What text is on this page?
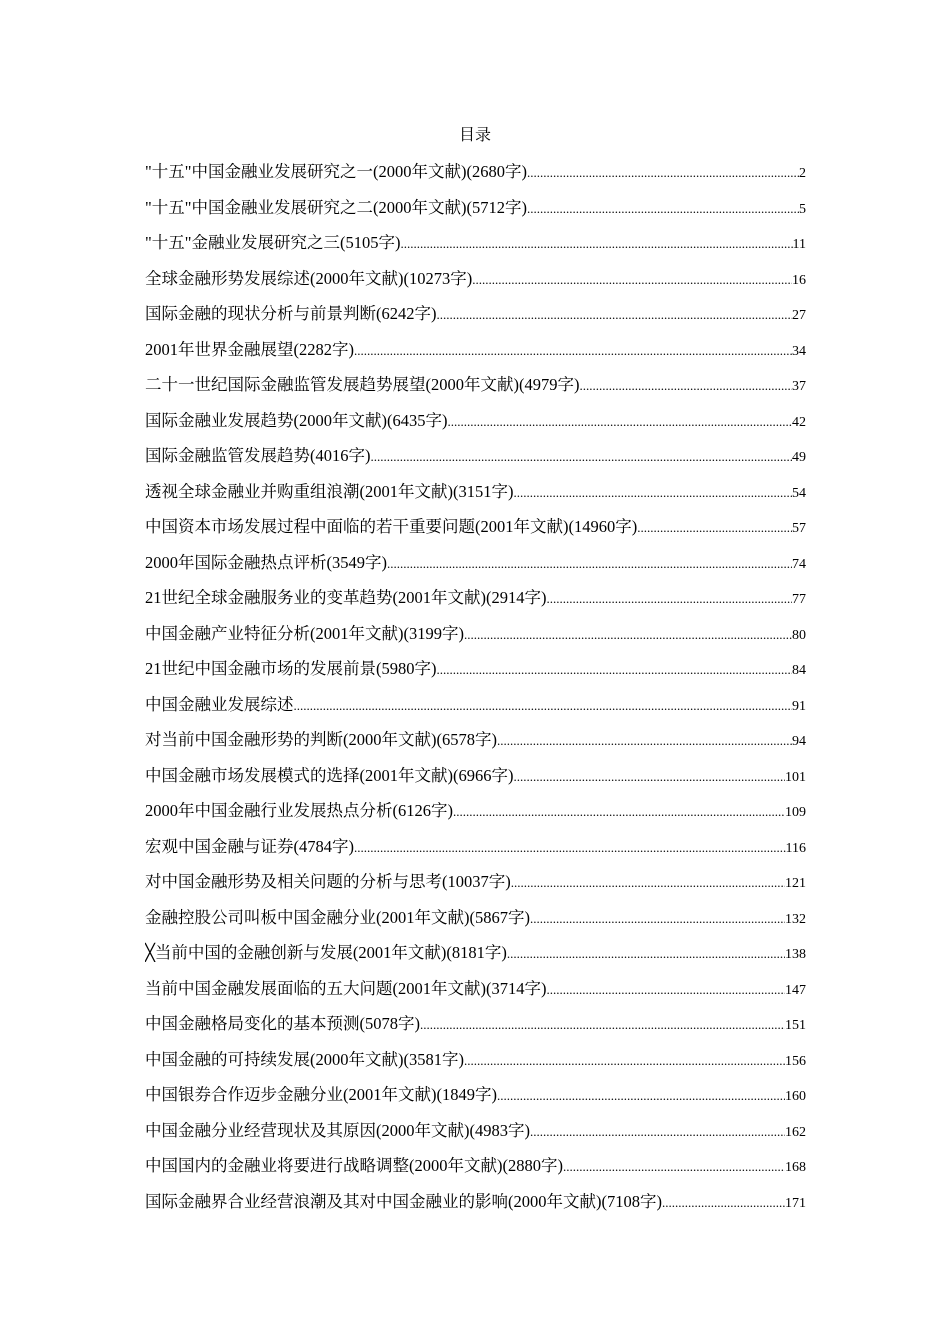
目录
"十五"中国金融业发展研究之一(2000年文献)(2680字) .....	2
"十五"中国金融业发展研究之二(2000年文献)(5712字) .....	5
"十五"金融业发展研究之三(5105字) .....	11
全球金融形势发展综述(2000年文献)(10273字) .....	16
国际金融的现状分析与前景判断(6242字) .....	27
2001年世界金融展望(2282字) .....	34
二十一世纪国际金融监管发展趋势展望(2000年文献)(4979字) .....	37
国际金融业发展趋势(2000年文献)(6435字) .....	42
国际金融监管发展趋势(4016字) .....	49
透视全球金融业并购重组浪潮(2001年文献)(3151字) .....	54
中国资本市场发展过程中面临的若干重要问题(2001年文献)(14960字) .....	57
2000年国际金融热点评析(3549字) .....	74
21世纪全球金融服务业的变革趋势(2001年文献)(2914字) .....	77
中国金融产业特征分析(2001年文献)(3199字) .....	80
21世纪中国金融市场的发展前景(5980字) .....	84
中国金融业发展综述 .....	91
对当前中国金融形势的判断(2000年文献)(6578字) .....	94
中国金融市场发展模式的选择(2001年文献)(6966字) .....	101
2000年中国金融行业发展热点分析(6126字) .....	109
宏观中国金融与证券(4784字) .....	116
对中国金融形势及相关问题的分析与思考(10037字) .....	121
金融控股公司叫板中国金融分业(2001年文献)(5867字) .....	132
╳当前中国的金融创新与发展(2001年文献)(8181字) .....	138
当前中国金融发展面临的五大问题(2001年文献)(3714字) .....	147
中国金融格局变化的基本预测(5078字) .....	151
中国金融的可持续发展(2000年文献)(3581字) .....	156
中国银券合作迈步金融分业(2001年文献)(1849字) .....	160
中国金融分业经营现状及其原因(2000年文献)(4983字) .....	162
中国国内的金融业将要进行战略调整(2000年文献)(2880字) .....	168
国际金融界合业经营浪潮及其对中国金融业的影响(2000年文献)(7108字) .....	171
